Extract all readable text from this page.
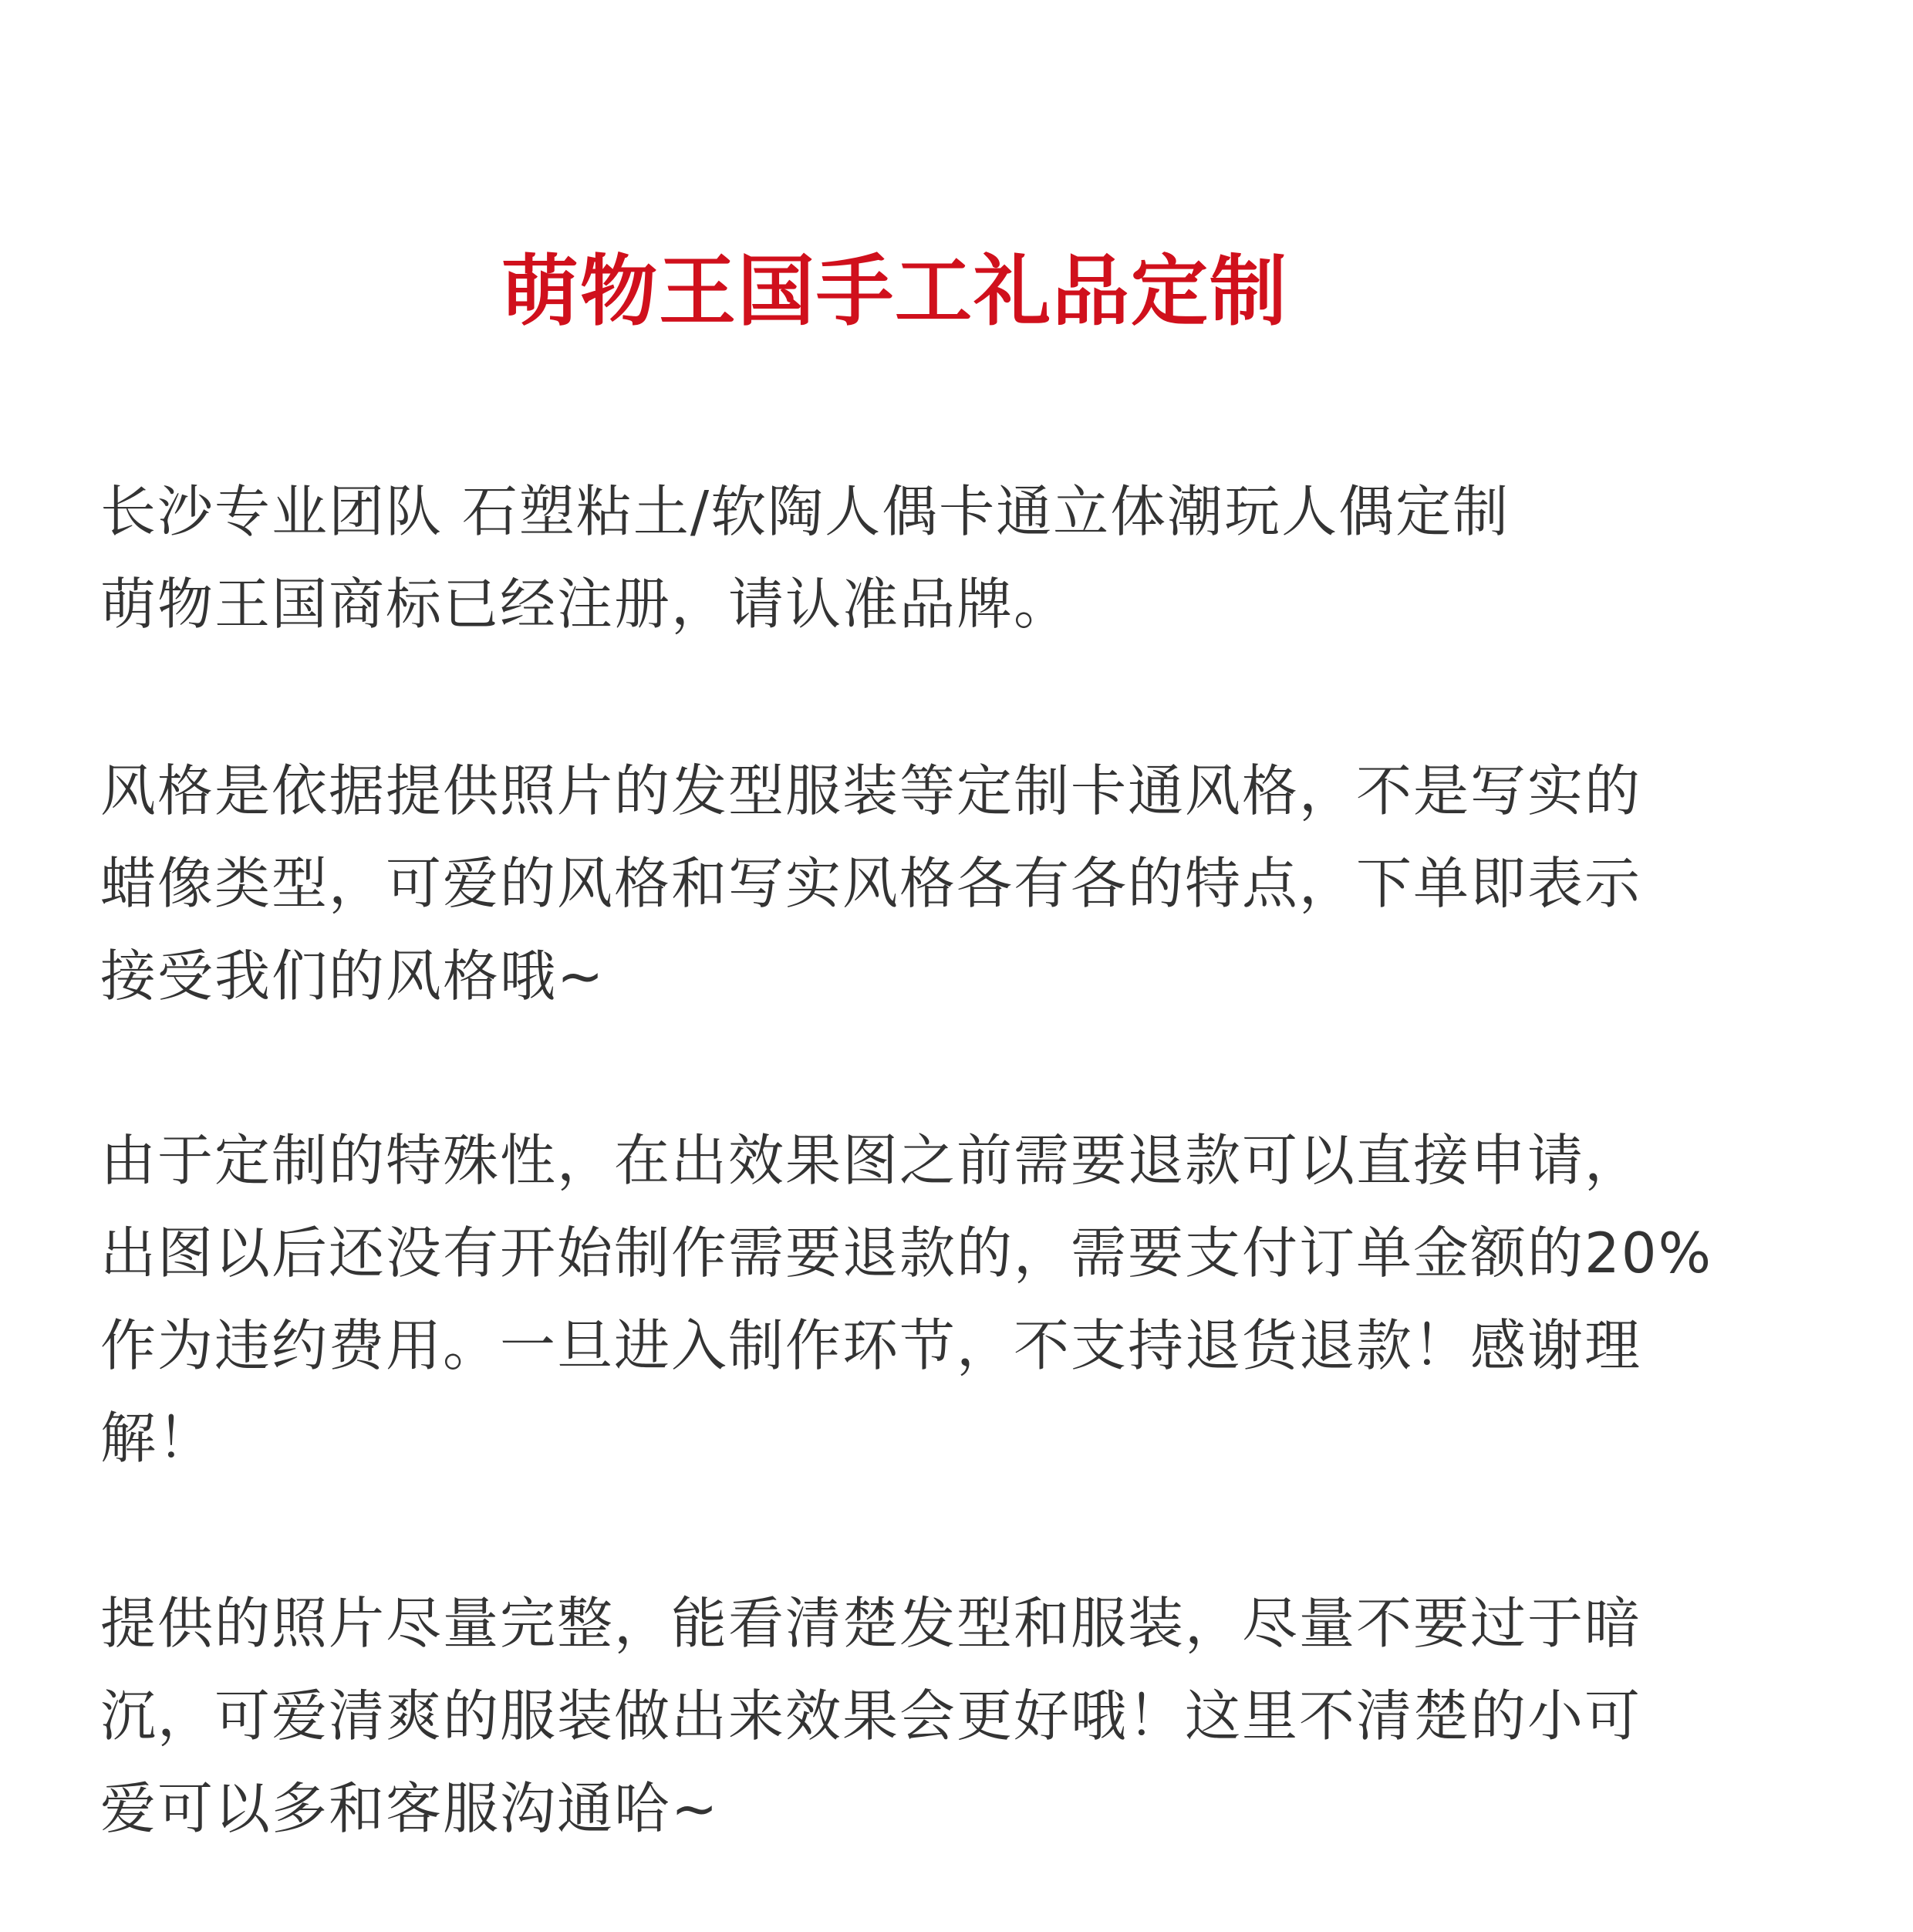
萌物王国手工礼品定制
长沙专业团队 石塑粘土/软陶人偶卡通立体潮玩人偶定制
萌物王国商标已经注册，请认准品牌。
风格是依据提供照片的发型服装等定制卡通风格，不是写实的
蜡像类型，可爱的风格和写实风格各有各的特点，下单即表示
接受我们的风格哦~
由于定制的特殊性，在出效果图之前需要退款可以直接申请，
出图以后还没有开始制作需要退款的，需要支付订单金额的20%
作为违约费用。一旦进入制作环节，不支持退货退款！感谢理
解！
提供的照片尽量完整，能看清楚发型和服装，尽量不要过于暗
沉，可爱清爽的服装做出来效果会更好哦！这里不清楚的小可
爱可以多和客服沟通哈~
